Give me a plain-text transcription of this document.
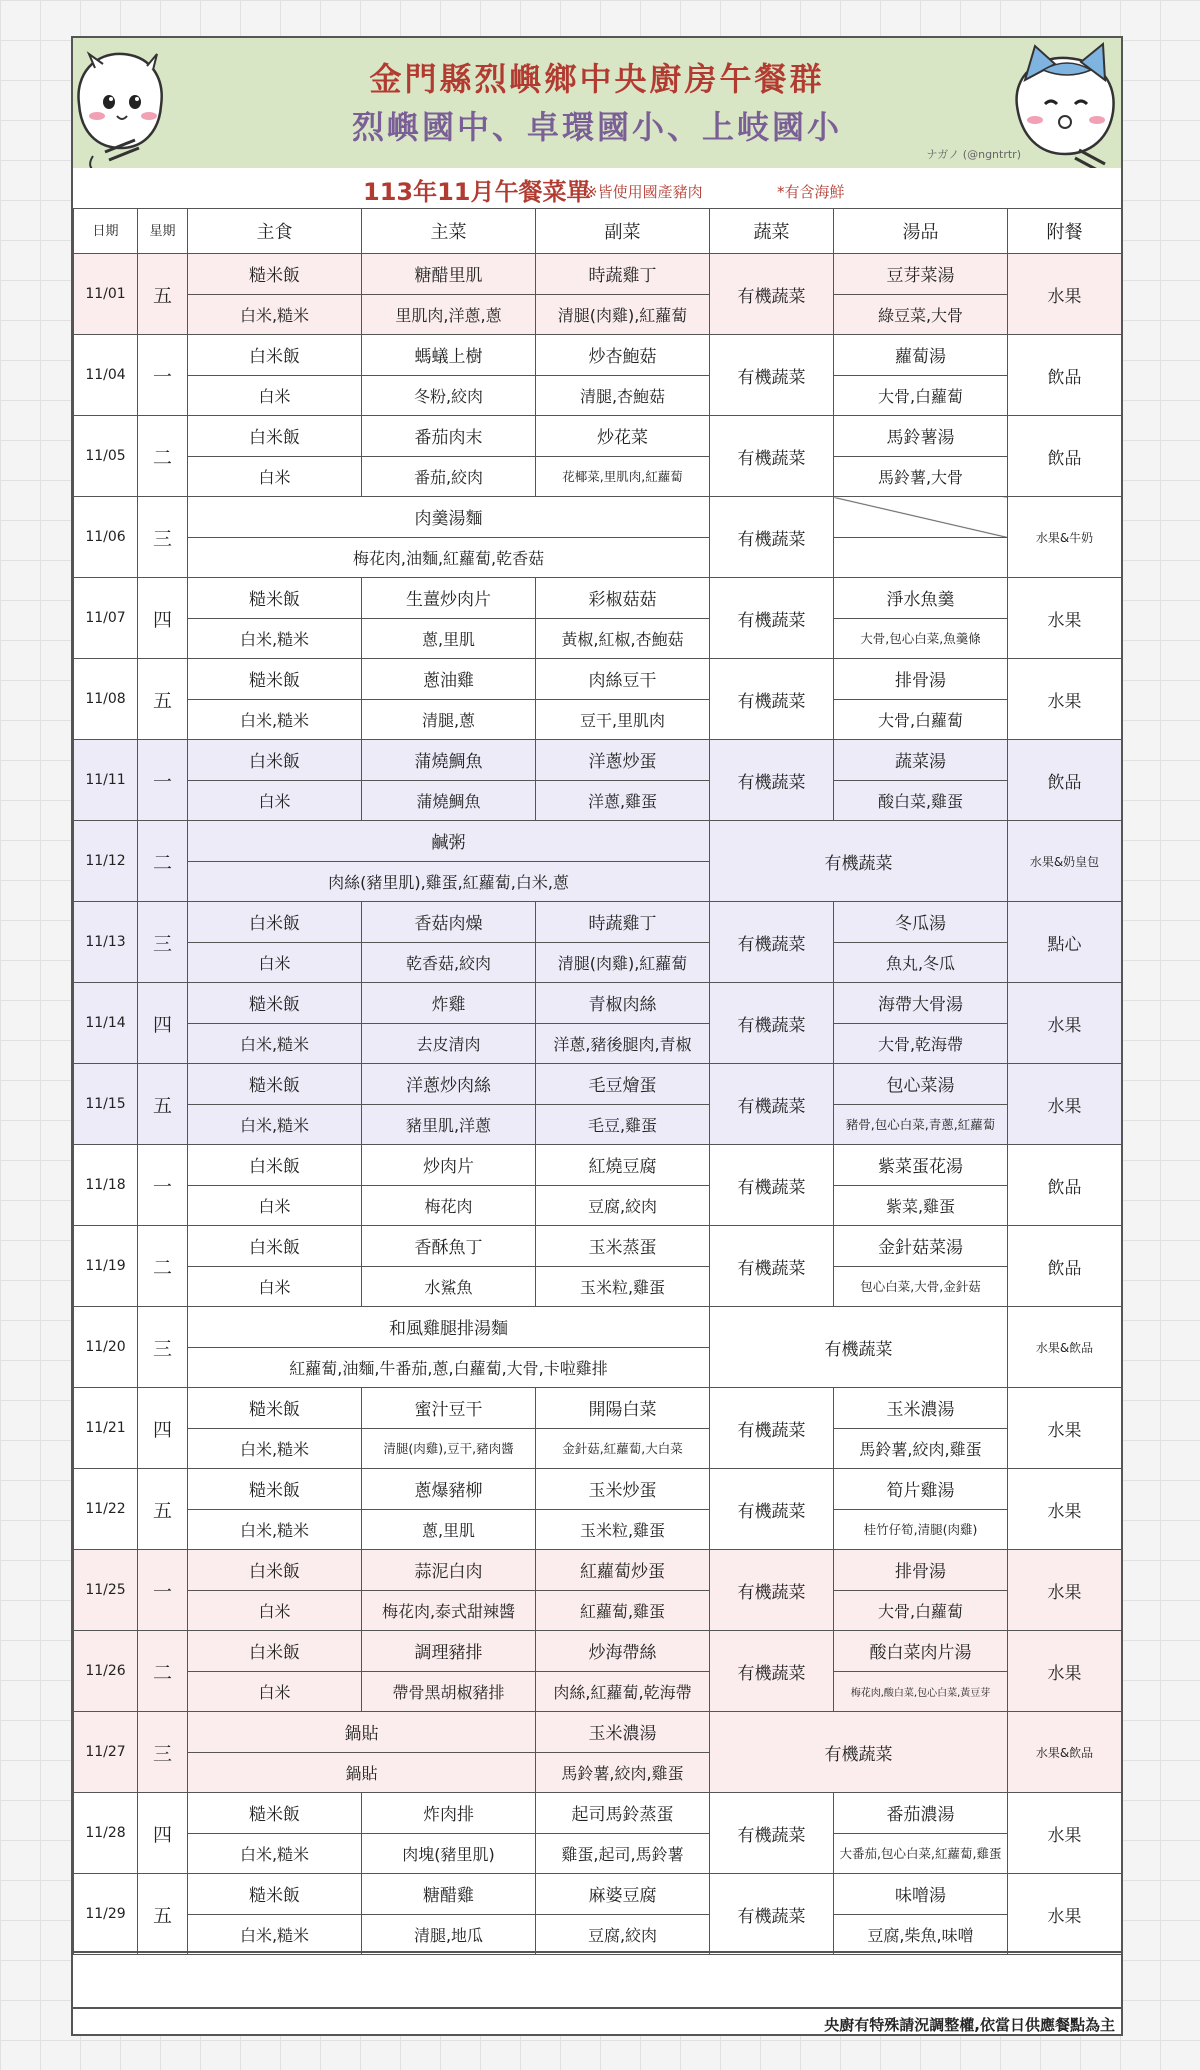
金門縣烈嶼鄉中央廚房午餐群
烈嶼國中、卓環國小、上岐國小
ナガノ (@ngntrtr)
113年11月午餐菜單
※皆使用國產豬肉	*有含海鮮
日期	星期	主食	主菜	副菜	蔬菜	湯品	附餐
11/01	五	糙米飯	糖醋里肌	時蔬雞丁	有機蔬菜	豆芽菜湯	水果
		白米,糙米	里肌肉,洋蔥,蔥	清腿(肉雞),紅蘿蔔		綠豆菜,大骨	
11/04	一	白米飯	螞蟻上樹	炒杏鮑菇	有機蔬菜	蘿蔔湯	飲品
		白米	冬粉,絞肉	清腿,杏鮑菇		大骨,白蘿蔔	
11/05	二	白米飯	番茄肉末	炒花菜	有機蔬菜	馬鈴薯湯	飲品
		白米	番茄,絞肉	花椰菜,里肌肉,紅蘿蔔		馬鈴薯,大骨	
11/06	三	肉羹湯麵			有機蔬菜		水果&牛奶
		梅花肉,油麵,紅蘿蔔,乾香菇					
11/07	四	糙米飯	生薑炒肉片	彩椒菇菇	有機蔬菜	淨水魚羹	水果
		白米,糙米	蔥,里肌	黃椒,紅椒,杏鮑菇		大骨,包心白菜,魚羹條	
11/08	五	糙米飯	蔥油雞	肉絲豆干	有機蔬菜	排骨湯	水果
		白米,糙米	清腿,蔥	豆干,里肌肉		大骨,白蘿蔔	
11/11	一	白米飯	蒲燒鯛魚	洋蔥炒蛋	有機蔬菜	蔬菜湯	飲品
		白米	蒲燒鯛魚	洋蔥,雞蛋		酸白菜,雞蛋	
11/12	二	鹹粥			有機蔬菜		水果&奶皇包
		肉絲(豬里肌),雞蛋,紅蘿蔔,白米,蔥					
11/13	三	白米飯	香菇肉燥	時蔬雞丁	有機蔬菜	冬瓜湯	點心
		白米	乾香菇,絞肉	清腿(肉雞),紅蘿蔔		魚丸,冬瓜	
11/14	四	糙米飯	炸雞	青椒肉絲	有機蔬菜	海帶大骨湯	水果
		白米,糙米	去皮清肉	洋蔥,豬後腿肉,青椒		大骨,乾海帶	
11/15	五	糙米飯	洋蔥炒肉絲	毛豆燴蛋	有機蔬菜	包心菜湯	水果
		白米,糙米	豬里肌,洋蔥	毛豆,雞蛋		豬骨,包心白菜,青蔥,紅蘿蔔	
11/18	一	白米飯	炒肉片	紅燒豆腐	有機蔬菜	紫菜蛋花湯	飲品
		白米	梅花肉	豆腐,絞肉		紫菜,雞蛋	
11/19	二	白米飯	香酥魚丁	玉米蒸蛋	有機蔬菜	金針菇菜湯	飲品
		白米	水鯊魚	玉米粒,雞蛋		包心白菜,大骨,金針菇	
11/20	三	和風雞腿排湯麵			有機蔬菜		水果&飲品
		紅蘿蔔,油麵,牛番茄,蔥,白蘿蔔,大骨,卡啦雞排					
11/21	四	糙米飯	蜜汁豆干	開陽白菜	有機蔬菜	玉米濃湯	水果
		白米,糙米	清腿(肉雞),豆干,豬肉醬	金針菇,紅蘿蔔,大白菜		馬鈴薯,絞肉,雞蛋	
11/22	五	糙米飯	蔥爆豬柳	玉米炒蛋	有機蔬菜	筍片雞湯	水果
		白米,糙米	蔥,里肌	玉米粒,雞蛋		桂竹仔筍,清腿(肉雞)	
11/25	一	白米飯	蒜泥白肉	紅蘿蔔炒蛋	有機蔬菜	排骨湯	水果
		白米	梅花肉,泰式甜辣醬	紅蘿蔔,雞蛋		大骨,白蘿蔔	
11/26	二	白米飯	調理豬排	炒海帶絲	有機蔬菜	酸白菜肉片湯	水果
		白米	帶骨黑胡椒豬排	肉絲,紅蘿蔔,乾海帶		梅花肉,酸白菜,包心白菜,黃豆芽	
11/27	三	鍋貼		玉米濃湯	有機蔬菜		水果&飲品
		鍋貼		馬鈴薯,絞肉,雞蛋			
11/28	四	糙米飯	炸肉排	起司馬鈴蒸蛋	有機蔬菜	番茄濃湯	水果
		白米,糙米	肉塊(豬里肌)	雞蛋,起司,馬鈴薯		大番茄,包心白菜,紅蘿蔔,雞蛋	
11/29	五	糙米飯	糖醋雞	麻婆豆腐	有機蔬菜	味噌湯	水果
		白米,糙米	清腿,地瓜	豆腐,絞肉		豆腐,柴魚,味噌	
央廚有特殊請況調整權,依當日供應餐點為主
